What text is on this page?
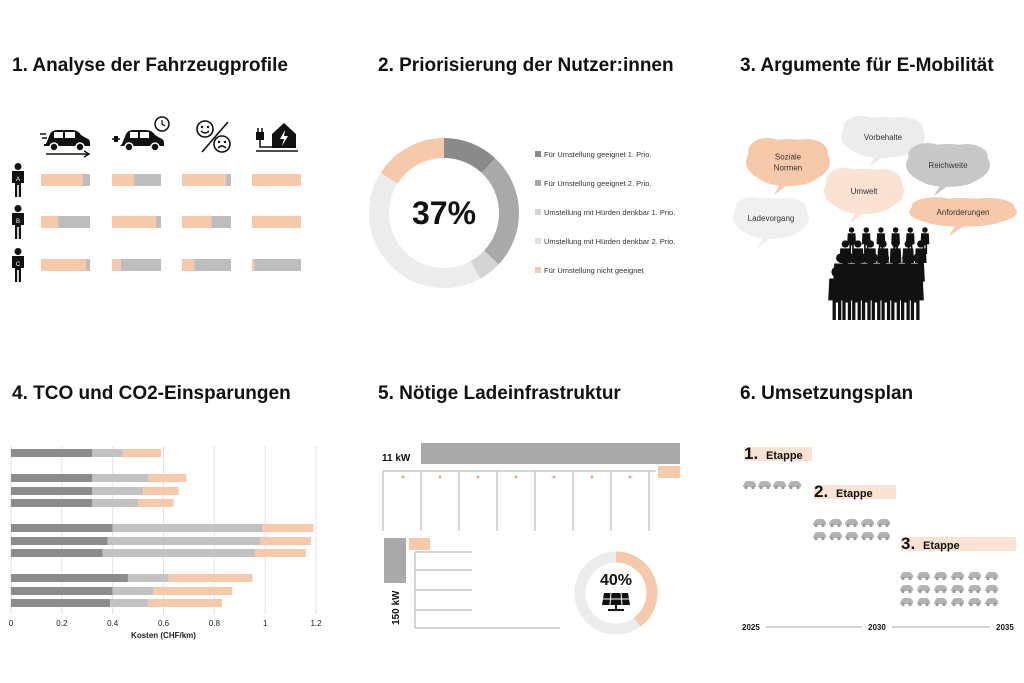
1. Analyse der Fahrzeugprofile	2. Priorisierung der Nutzer:innen	3. Argumente für E-Mobilität
4. TCO und CO2-Einsparungen	5. Nötige Ladeinfrastruktur	6. Umsetzungsplan
A
B
C
37%
Für Umstellung geeignet 1. Prio.
Für Umstellung geeignet 2. Prio.
Umstellung mit Hürden denkbar 1. Prio.
Umstellung mit Hürden denkbar 2. Prio.
Für Umstellung nicht geeignet
Soziale
Normen
Vorbehalte
Reichweite
Umwelt
Ladevorgang
Anforderungen
0	0.2	0.4	0.6	0.8	1	1.2
Kosten (CHF/km)
11 kW
150 kW
40%
1. Etappe
2. Etappe
3. Etappe
2025	2030	2035
